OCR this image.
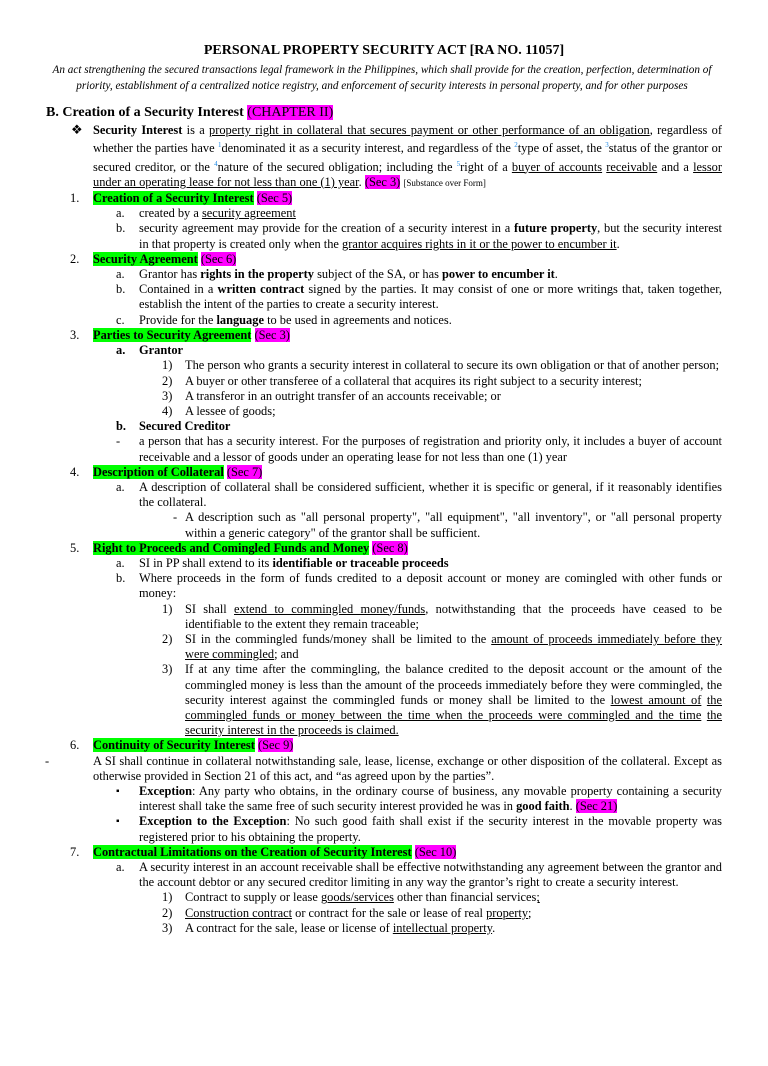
PERSONAL PROPERTY SECURITY ACT [RA NO. 11057]
An act strengthening the secured transactions legal framework in the Philippines, which shall provide for the creation, perfection, determination of priority, establishment of a centralized notice registry, and enforcement of security interests in personal property, and for other purposes
B. Creation of a Security Interest (CHAPTER II)
❖ Security Interest is a property right in collateral that secures payment or other performance of an obligation, regardless of whether the parties have $^1$denominated it as a security interest, and regardless of the $^2$type of asset, the $^3$status of the grantor or secured creditor, or the $^4$nature of the secured obligation; including the $^5$right of a buyer of accounts receivable and a lessor under an operating lease for not less than one (1) year. (Sec 3) [Substance over Form]
1. Creation of a Security Interest (Sec 5)
a. created by a security agreement
b. security agreement may provide for the creation of a security interest in a future property, but the security interest in that property is created only when the grantor acquires rights in it or the power to encumber it.
2. Security Agreement (Sec 6)
a. Grantor has rights in the property subject of the SA, or has power to encumber it.
b. Contained in a written contract signed by the parties. It may consist of one or more writings that, taken together, establish the intent of the parties to create a security interest.
c. Provide for the language to be used in agreements and notices.
3. Parties to Security Agreement (Sec 3)
a. Grantor
1) The person who grants a security interest in collateral to secure its own obligation or that of another person;
2) A buyer or other transferee of a collateral that acquires its right subject to a security interest;
3) A transferor in an outright transfer of an accounts receivable; or
4) A lessee of goods;
b. Secured Creditor
- a person that has a security interest. For the purposes of registration and priority only, it includes a buyer of account receivable and a lessor of goods under an operating lease for not less than one (1) year
4. Description of Collateral (Sec 7)
a. A description of collateral shall be considered sufficient, whether it is specific or general, if it reasonably identifies the collateral.
- A description such as "all personal property", "all equipment", "all inventory", or "all personal property within a generic category" of the grantor shall be sufficient.
5. Right to Proceeds and Comingled Funds and Money (Sec 8)
a. SI in PP shall extend to its identifiable or traceable proceeds
b. Where proceeds in the form of funds credited to a deposit account or money are comingled with other funds or money:
1) SI shall extend to commingled money/funds, notwithstanding that the proceeds have ceased to be identifiable to the extent they remain traceable;
2) SI in the commingled funds/money shall be limited to the amount of proceeds immediately before they were commingled; and
3) If at any time after the commingling, the balance credited to the deposit account or the amount of the commingled money is less than the amount of the proceeds immediately before they were commingled, the security interest against the commingled funds or money shall be limited to the lowest amount of the commingled funds or money between the time when the proceeds were commingled and the time the security interest in the proceeds is claimed.
6. Continuity of Security Interest (Sec 9)
-	A SI shall continue in collateral notwithstanding sale, lease, license, exchange or other disposition of the collateral. Except as otherwise provided in Section 21 of this act, and “as agreed upon by the parties”.
▪ Exception: Any party who obtains, in the ordinary course of business, any movable property containing a security interest shall take the same free of such security interest provided he was in good faith. (Sec 21)
▪ Exception to the Exception: No such good faith shall exist if the security interest in the movable property was registered prior to his obtaining the property.
7. Contractual Limitations on the Creation of Security Interest (Sec 10)
a. A security interest in an account receivable shall be effective notwithstanding any agreement between the grantor and the account debtor or any secured creditor limiting in any way the grantor’s right to create a security interest.
1) Contract to supply or lease goods/services other than financial services;
2) Construction contract or contract for the sale or lease of real property;
3) A contract for the sale, lease or license of intellectual property.
